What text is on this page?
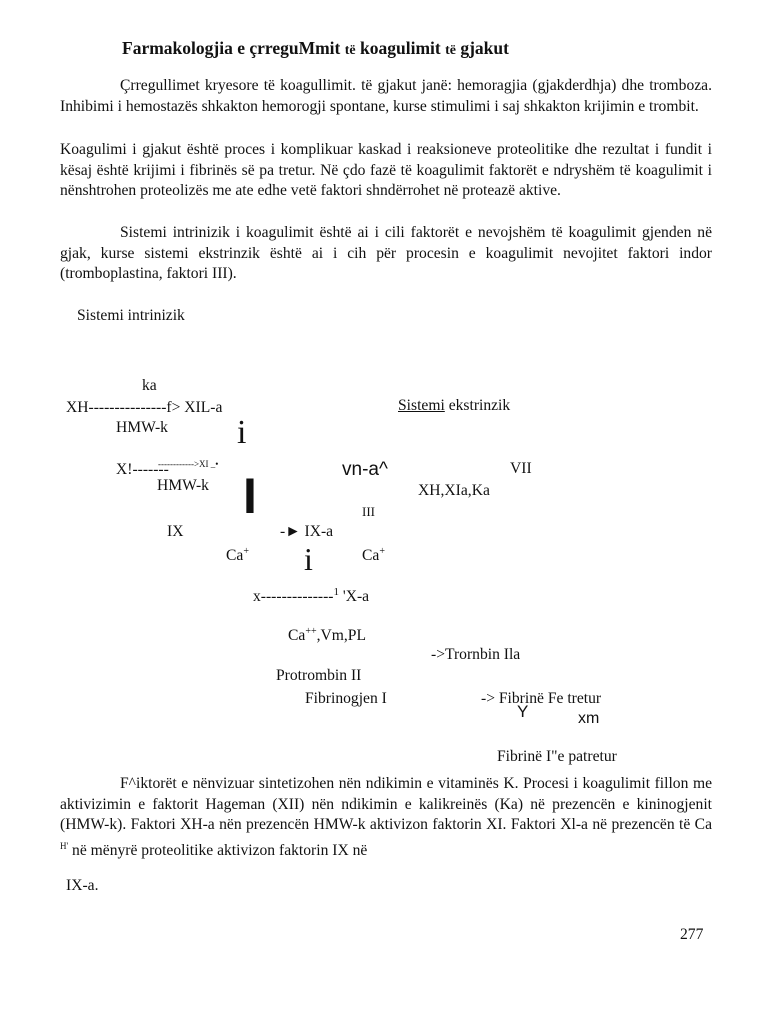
Farmakologjia e çrreguMmit të koagulimit të gjakut

Çrregullimet kryesore të koagullimit. të gjakut janë: hemoragjia (gjakderdhja) dhe tromboza. Inhibimi i hemostazës shkakton hemorogji spontane, kurse stimulimi i saj shkakton krijimin e trombit.

Koagulimi i gjakut është proces i komplikuar kaskad i reaksioneve proteolitike dhe rezultat i fundit i kësaj është krijimi i fibrinës së pa tretur. Në çdo fazë të koagulimit faktorët e ndryshëm të koagulimit i nënshtrohen proteolizës me ate edhe vetë faktori shndërrohet në proteazë aktive.

Sistemi intrinizik i koagulimit është ai i cili faktorët e nevojshëm të koagulimit gjenden në gjak, kurse sistemi ekstrinzik është ai i cih për procesin e koagulimit nevojitet faktori indor (tromboplastina, faktori III).

Sistemi intrinizik
ka
XH---------------f> XIL-a
HMW-k i
X!-------
------------>XI _•
I
HMW-k
IX	-► IX-a
Ca+	Ca+
i
x--------------$^1$ 'X-a
Sistemi ekstrinzik
VII
vn-a^
XH,XIa,Ka
III
Ca++,Vm,PL
->Trornbin Ila
Protrombin II
Fibrinogjen I	-> Fibrinë Fe tretur
Y	xm
Fibrinë I"e patretur

F^iktorët e nënvizuar sintetizohen nën ndikimin e vitaminës K. Procesi i koagulimit fillon me aktivizimin e faktorit Hageman (XII) nën ndikimin e kalikreinës (Ka) në prezencën e kininogjenit (HMW-k). Faktori XH-a nën prezencën HMW-k aktivizon faktorin XI. Faktori Xl-a në prezencën të Ca $^{H'}$ në mënyrë proteolitike aktivizon faktorin IX në

IX-a.
277
